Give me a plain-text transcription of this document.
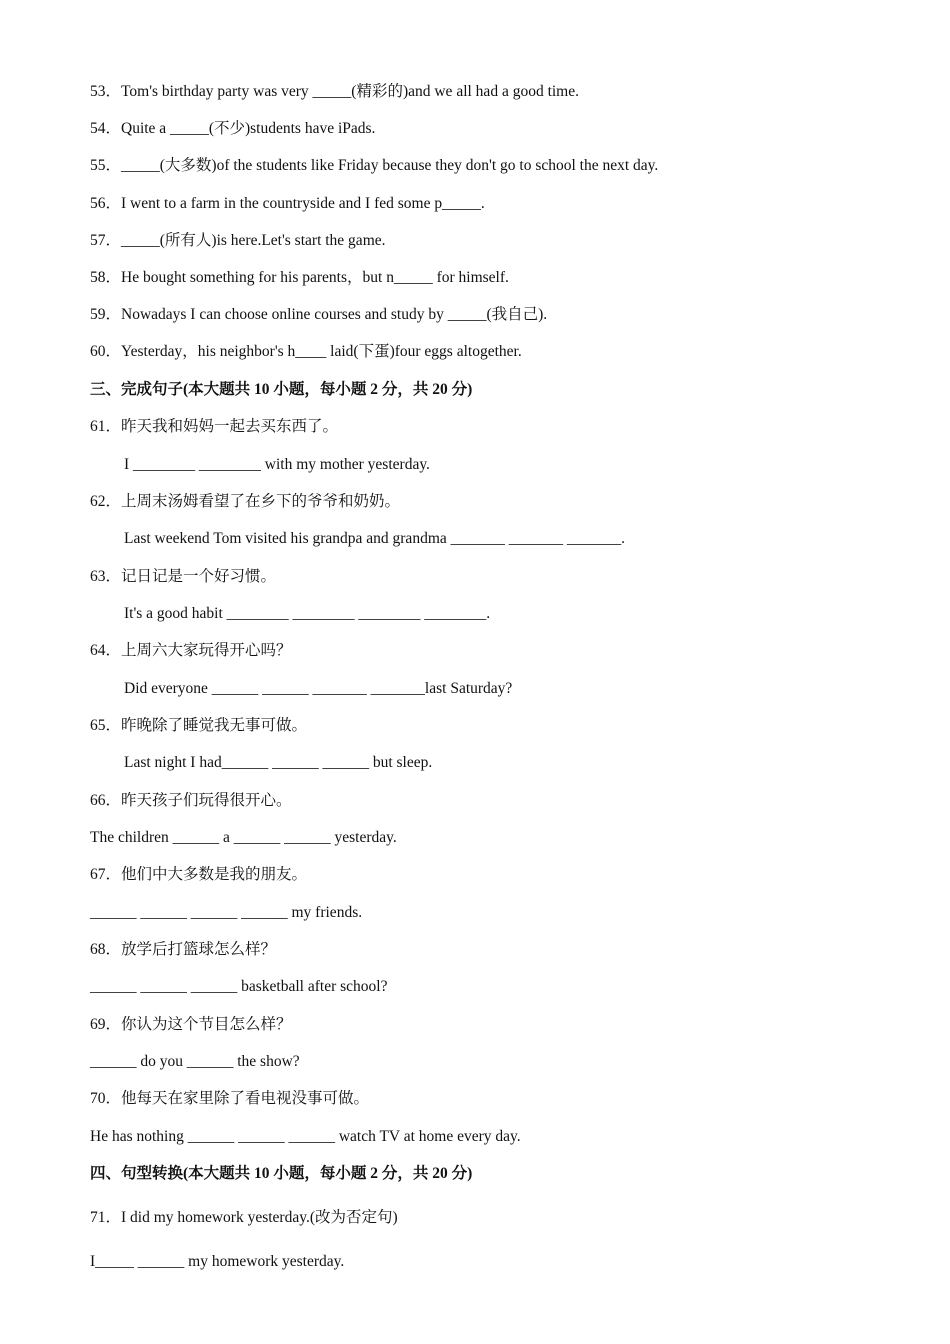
53．Tom's birthday party was very _____(精彩的)and we all had a good time.
54．Quite a _____(不少)students have iPads.
55．_____(大多数)of the students like Friday because they don't go to school the next day.
56．I went to a farm in the countryside and I fed some p_____.
57．_____(所有人)is here.Let's start the game.
58．He bought something for his parents，but n_____ for himself.
59．Nowadays I can choose online courses and study by _____(我自己).
60．Yesterday，his neighbor's h____ laid(下蛋)four eggs altogether.
三、完成句子(本大题共 10 小题，每小题 2 分，共 20 分)
61．昨天我和妈妈一起去买东西了。
I ________ ________ with my mother yesterday.
62．上周末汤姆看望了在乡下的爷爷和奶奶。
Last weekend Tom visited his grandpa and grandma _______ _______ _______.
63．记日记是一个好习惯。
It's a good habit ________ ________ ________ ________.
64．上周六大家玩得开心吗？
Did everyone ______ ______ _______ _______last Saturday?
65．昨晚除了睡觉我无事可做。
Last night I had______ ______ ______ but sleep.
66．昨天孩子们玩得很开心。
The children ______ a ______ ______ yesterday.
67．他们中大多数是我的朋友。
______ ______ ______ ______ my friends.
68．放学后打篮球怎么样？
______ ______ ______ basketball after school?
69．你认为这个节目怎么样？
______ do you ______ the show?
70．他每天在家里除了看电视没事可做。
He has nothing ______ ______ ______ watch TV at home every day.
四、句型转换(本大题共 10 小题，每小题 2 分，共 20 分)
71．I did my homework yesterday.(改为否定句)
I_____ ______ my homework yesterday.
